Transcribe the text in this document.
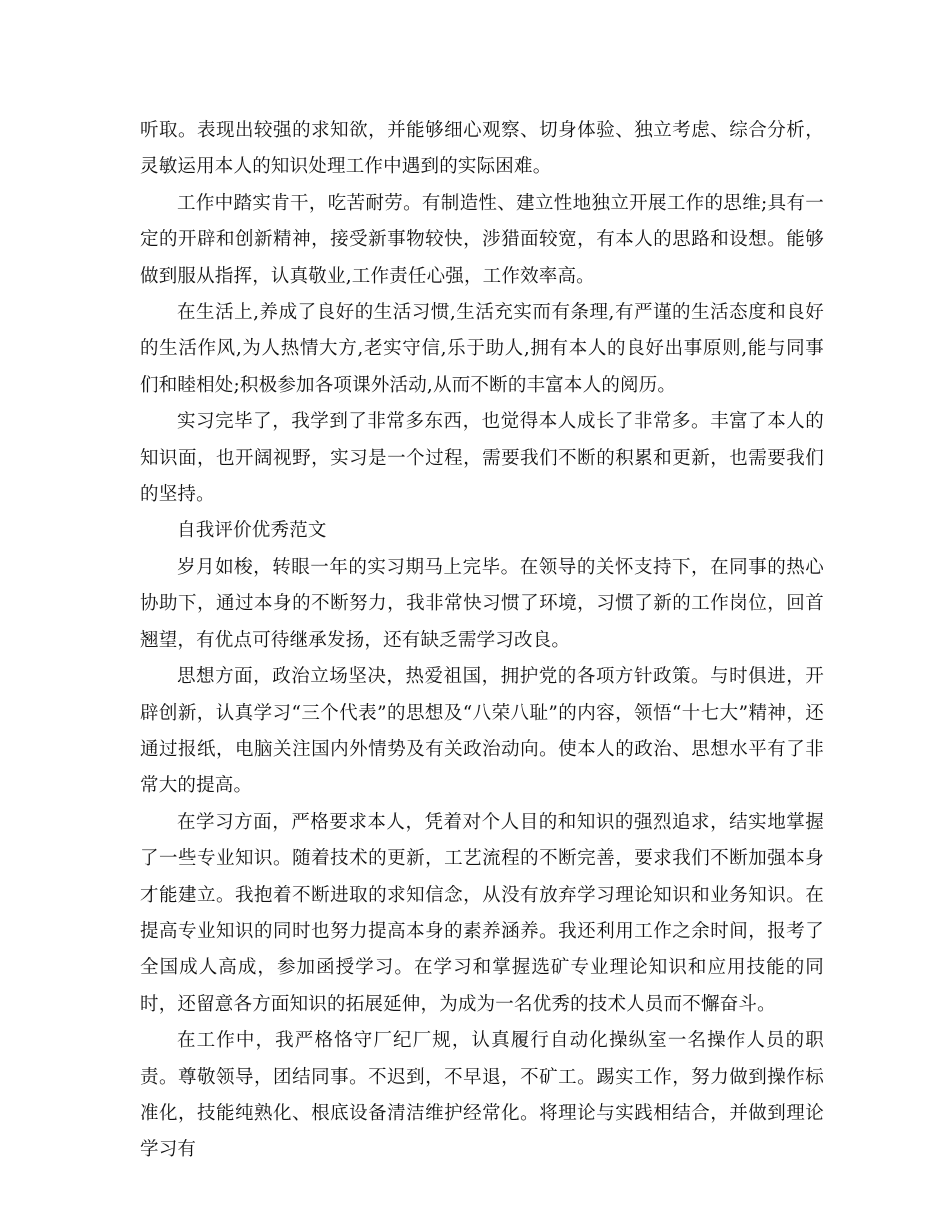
听取。表现出较强的求知欲，并能够细心观察、切身体验、独立考虑、综合分析，灵敏运用本人的知识处理工作中遇到的实际困难。

工作中踏实肯干，吃苦耐劳。有制造性、建立性地独立开展工作的思维;具有一定的开辟和创新精神，接受新事物较快，涉猎面较宽，有本人的思路和设想。能够做到服从指挥，认真敬业,工作责任心强，工作效率高。

在生活上,养成了良好的生活习惯,生活充实而有条理,有严谨的生活态度和良好的生活作风,为人热情大方,老实守信,乐于助人,拥有本人的良好出事原则,能与同事们和睦相处;积极参加各项课外活动,从而不断的丰富本人的阅历。

实习完毕了，我学到了非常多东西，也觉得本人成长了非常多。丰富了本人的知识面，也开阔视野，实习是一个过程，需要我们不断的积累和更新，也需要我们的坚持。

自我评价优秀范文

岁月如梭，转眼一年的实习期马上完毕。在领导的关怀支持下，在同事的热心协助下，通过本身的不断努力，我非常快习惯了环境，习惯了新的工作岗位，回首翘望，有优点可待继承发扬，还有缺乏需学习改良。

思想方面，政治立场坚决，热爱祖国，拥护党的各项方针政策。与时俱进，开辟创新，认真学习“三个代表”的思想及“八荣八耻”的内容，领悟“十七大”精神，还通过报纸，电脑关注国内外情势及有关政治动向。使本人的政治、思想水平有了非常大的提高。

在学习方面，严格要求本人，凭着对个人目的和知识的强烈追求，结实地掌握了一些专业知识。随着技术的更新，工艺流程的不断完善，要求我们不断加强本身才能建立。我抱着不断进取的求知信念，从没有放弃学习理论知识和业务知识。在提高专业知识的同时也努力提高本身的素养涵养。我还利用工作之余时间，报考了全国成人高成，参加函授学习。在学习和掌握选矿专业理论知识和应用技能的同时，还留意各方面知识的拓展延伸，为成为一名优秀的技术人员而不懈奋斗。

在工作中，我严格恪守厂纪厂规，认真履行自动化操纵室一名操作人员的职责。尊敬领导，团结同事。不迟到，不早退，不矿工。踢实工作，努力做到操作标准化，技能纯熟化、根底设备清洁维护经常化。将理论与实践相结合，并做到理论学习有
